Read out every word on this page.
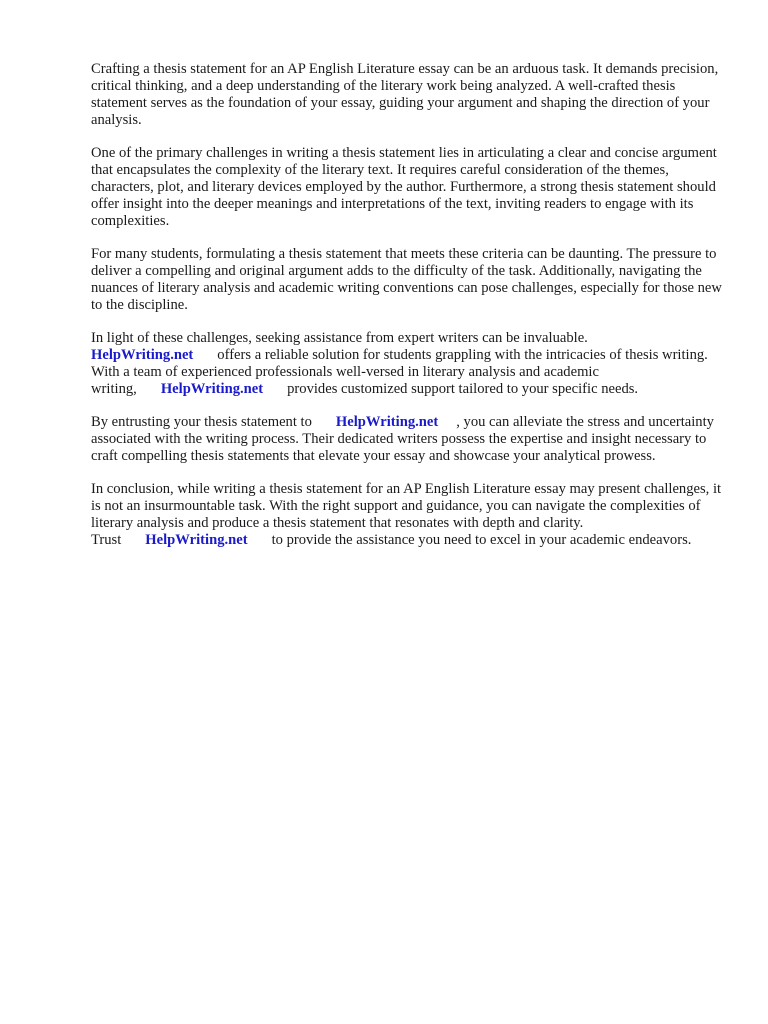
Crafting a thesis statement for an AP English Literature essay can be an arduous task. It demands precision, critical thinking, and a deep understanding of the literary work being analyzed. A well-crafted thesis statement serves as the foundation of your essay, guiding your argument and shaping the direction of your analysis.

One of the primary challenges in writing a thesis statement lies in articulating a clear and concise argument that encapsulates the complexity of the literary text. It requires careful consideration of the themes, characters, plot, and literary devices employed by the author. Furthermore, a strong thesis statement should offer insight into the deeper meanings and interpretations of the text, inviting readers to engage with its complexities.

For many students, formulating a thesis statement that meets these criteria can be daunting. The pressure to deliver a compelling and original argument adds to the difficulty of the task. Additionally, navigating the nuances of literary analysis and academic writing conventions can pose challenges, especially for those new to the discipline.

In light of these challenges, seeking assistance from expert writers can be invaluable.
HelpWriting.net offers a reliable solution for students grappling with the intricacies of thesis writing. With a team of experienced professionals well-versed in literary analysis and academic writing, HelpWriting.net provides customized support tailored to your specific needs.

By entrusting your thesis statement to HelpWriting.net , you can alleviate the stress and uncertainty associated with the writing process. Their dedicated writers possess the expertise and insight necessary to craft compelling thesis statements that elevate your essay and showcase your analytical prowess.

In conclusion, while writing a thesis statement for an AP English Literature essay may present challenges, it is not an insurmountable task. With the right support and guidance, you can navigate the complexities of literary analysis and produce a thesis statement that resonates with depth and clarity. Trust HelpWriting.net to provide the assistance you need to excel in your academic endeavors.
